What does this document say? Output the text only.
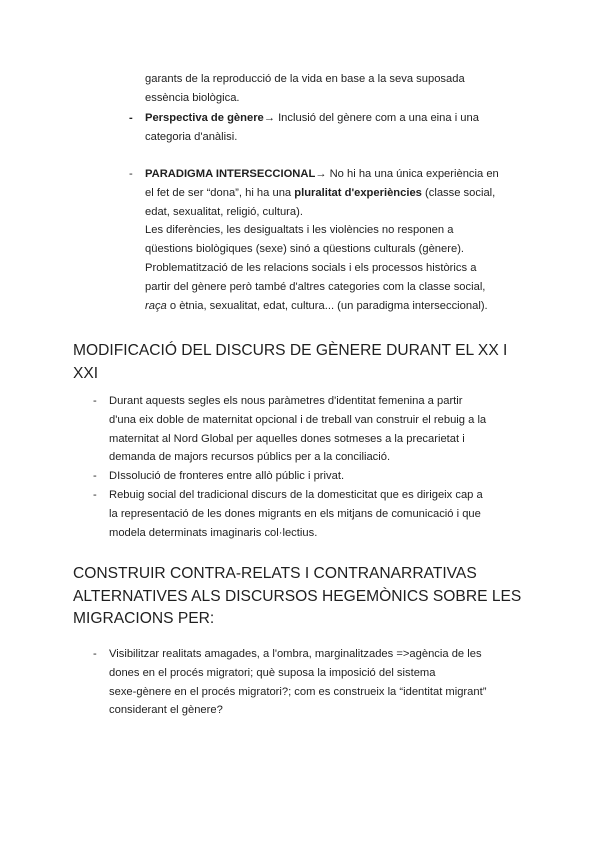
garants de la reproducció de la vida en base a la seva suposada

essència biològica.

- Perspectiva de gènere→ Inclusió del gènere com a una eina i una

categoria d'anàlisi.

- PARADIGMA INTERSECCIONAL→ No hi ha una única experiència en

el fet de ser “dona”, hi ha una pluralitat d'experiències (classe social,

edat, sexualitat, religió, cultura).

Les diferències, les desigualtats i les violències no responen a

qüestions biològiques (sexe) sinó a qüestions culturals (gènere).

Problematització de les relacions socials i els processos històrics a

partir del gènere però també d'altres categories com la classe social,

raça o ètnia, sexualitat, edat, cultura... (un paradigma interseccional).

MODIFICACIÓ DEL DISCURS DE GÈNERE DURANT EL XX I
XXI
- Durant aquests segles els nous paràmetres d'identitat femenina a partir

d'una eix doble de maternitat opcional i de treball van construir el rebuig a la

maternitat al Nord Global per aquelles dones sotmeses a la precarietat i

demanda de majors recursos públics per a la conciliació.

- DIssolució de fronteres entre allò públic i privat.

- Rebuig social del tradicional discurs de la domesticitat que es dirigeix cap a

la representació de les dones migrants en els mitjans de comunicació i que

modela determinats imaginaris col·lectius.

CONSTRUIR CONTRA-RELATS I CONTRANARRATIVAS
ALTERNATIVES ALS DISCURSOS HEGEMÒNICS SOBRE LES
MIGRACIONS PER:
- Visibilitzar realitats amagades, a l'ombra, marginalitzades =>agència de les

dones en el procés migratori; què suposa la imposició del sistema

sexe-gènere en el procés migratori?; com es construeix la “identitat migrant”

considerant el gènere?
